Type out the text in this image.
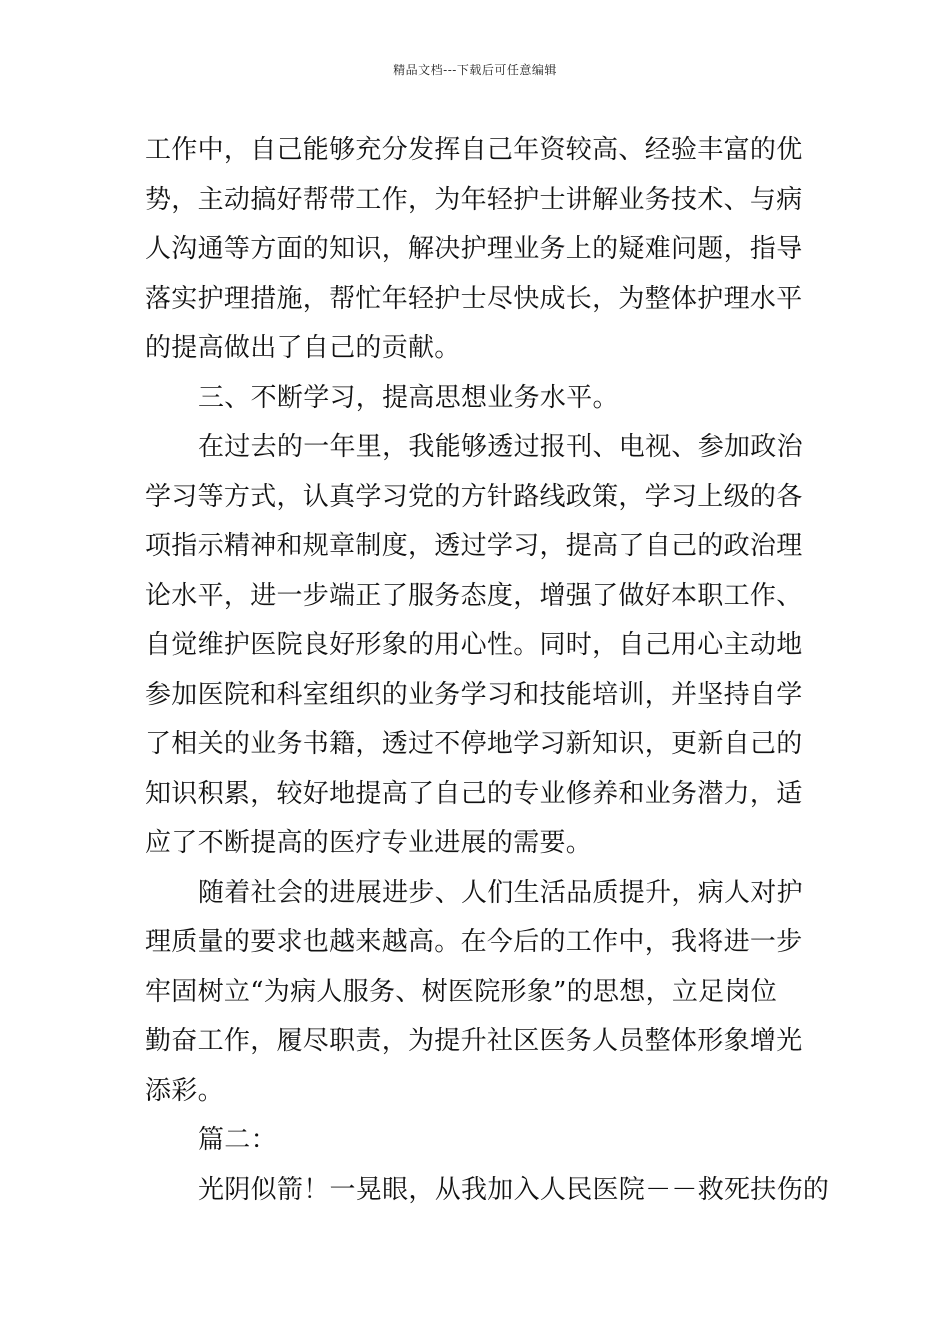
精品文档---下载后可任意编辑
工作中，自己能够充分发挥自己年资较高、经验丰富的优
势，主动搞好帮带工作，为年轻护士讲解业务技术、与病
人沟通等方面的知识，解决护理业务上的疑难问题，指导
落实护理措施，帮忙年轻护士尽快成长，为整体护理水平
的提高做出了自己的贡献。
三、不断学习，提高思想业务水平。
在过去的一年里，我能够透过报刊、电视、参加政治
学习等方式，认真学习党的方针路线政策，学习上级的各
项指示精神和规章制度，透过学习，提高了自己的政治理
论水平，进一步端正了服务态度，增强了做好本职工作、
自觉维护医院良好形象的用心性。同时，自己用心主动地
参加医院和科室组织的业务学习和技能培训，并坚持自学
了相关的业务书籍，透过不停地学习新知识，更新自己的
知识积累，较好地提高了自己的专业修养和业务潜力，适
应了不断提高的医疗专业进展的需要。
随着社会的进展进步、人们生活品质提升，病人对护
理质量的要求也越来越高。在今后的工作中，我将进一步
牢固树立“为病人服务、树医院形象”的思想，立足岗位
勤奋工作，履尽职责，为提升社区医务人员整体形象增光
添彩。
篇二：
光阴似箭！一晃眼，从我加入人民医院－－救死扶伤的
